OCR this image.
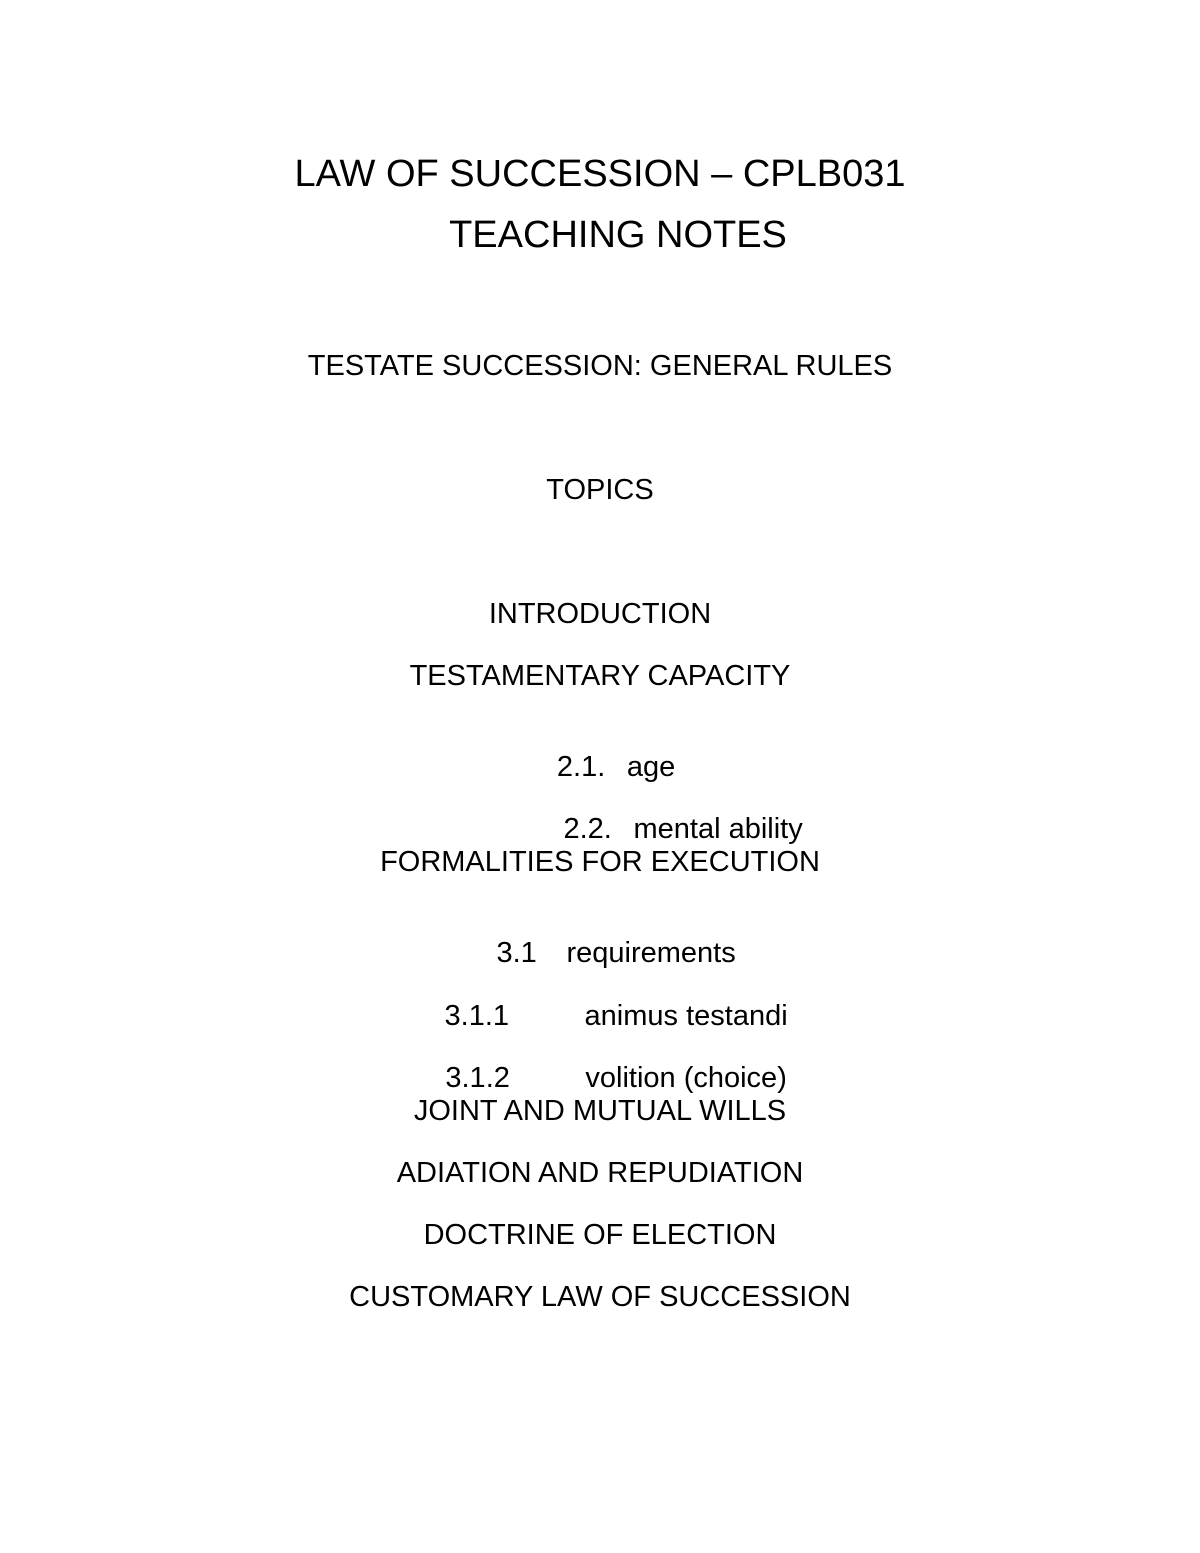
LAW OF SUCCESSION – CPLB031
TEACHING NOTES
TESTATE SUCCESSION: GENERAL RULES
TOPICS
INTRODUCTION
TESTAMENTARY CAPACITY

2.1. age

2.2. mental ability

FORMALITIES FOR EXECUTION

3.1 requirements

3.1.1	animus testandi

3.1.2	volition (choice)

JOINT AND MUTUAL WILLS
ADIATION AND REPUDIATION
DOCTRINE OF ELECTION
CUSTOMARY LAW OF SUCCESSION
